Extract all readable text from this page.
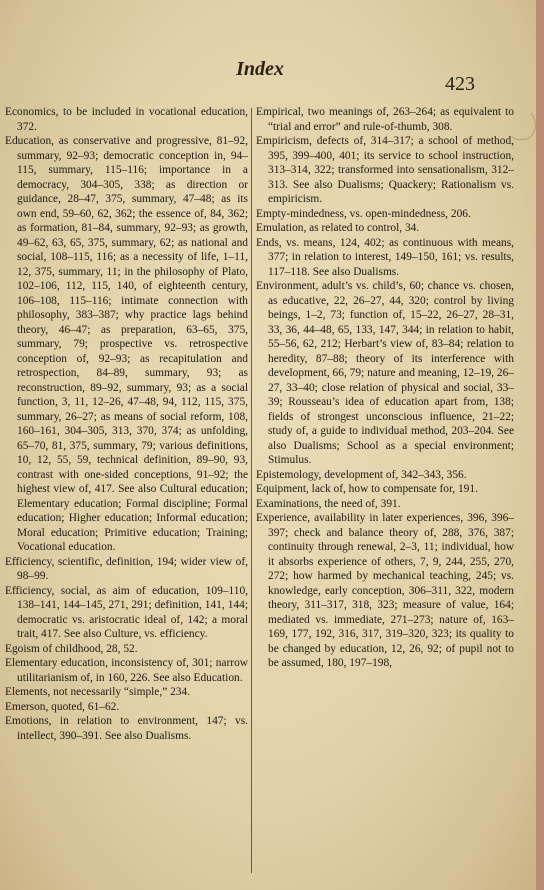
Index
423

Economics, to be included in vocational education, 372.

Education, as conservative and progressive, 81–92, summary, 92–93; democratic conception in, 94–115, summary, 115–116; importance in a democracy, 304–305, 338; as direction or guidance, 28–47, 375, summary, 47–48; as its own end, 59–60, 62, 362; the essence of, 84, 362; as formation, 81–84, summary, 92–93; as growth, 49–62, 63, 65, 375, summary, 62; as national and social, 108–115, 116; as a necessity of life, 1–11, 12, 375, summary, 11; in the philosophy of Plato, 102–106, 112, 115, 140, of eighteenth century, 106–108, 115–116; intimate connection with philosophy, 383–387; why practice lags behind theory, 46–47; as preparation, 63–65, 375, summary, 79; prospective vs. retrospective conception of, 92–93; as recapitulation and retrospection, 84–89, summary, 93; as reconstruction, 89–92, summary, 93; as a social function, 3, 11, 12–26, 47–48, 94, 112, 115, 375, summary, 26–27; as means of social reform, 108, 160–161, 304–305, 313, 370, 374; as unfolding, 65–70, 81, 375, summary, 79; various definitions, 10, 12, 55, 59, technical definition, 89–90, 93, contrast with one-sided conceptions, 91–92; the highest view of, 417. See also Cultural education; Elementary education; Formal discipline; Formal education; Higher education; Informal education; Moral education; Primitive education; Training; Vocational education.

Efficiency, scientific, definition, 194; wider view of, 98–99.

Efficiency, social, as aim of education, 109–110, 138–141, 144–145, 271, 291; definition, 141, 144; democratic vs. aristocratic ideal of, 142; a moral trait, 417. See also Culture, vs. efficiency.

Egoism of childhood, 28, 52.

Elementary education, inconsistency of, 301; narrow utilitarianism of, in 160, 226. See also Education.

Elements, not necessarily “simple,” 234.

Emerson, quoted, 61–62.

Emotions, in relation to environment, 147; vs. intellect, 390–391. See also Dualisms.

Empirical, two meanings of, 263–264; as equivalent to “trial and error” and rule-of-thumb, 308.

Empiricism, defects of, 314–317; a school of method, 395, 399–400, 401; its service to school instruction, 313–314, 322; transformed into sensationalism, 312–313. See also Dualisms; Quackery; Rationalism vs. empiricism.

Empty-mindedness, vs. open-mindedness, 206.

Emulation, as related to control, 34.

Ends, vs. means, 124, 402; as continuous with means, 377; in relation to interest, 149–150, 161; vs. results, 117–118. See also Dualisms.

Environment, adult’s vs. child’s, 60; chance vs. chosen, as educative, 22, 26–27, 44, 320; control by living beings, 1–2, 73; function of, 15–22, 26–27, 28–31, 33, 36, 44–48, 65, 133, 147, 344; in relation to habit, 55–56, 62, 212; Herbart’s view of, 83–84; relation to heredity, 87–88; theory of its interference with development, 66, 79; nature and meaning, 12–19, 26–27, 33–40; close relation of physical and social, 33–39; Rousseau’s idea of education apart from, 138; fields of strongest unconscious influence, 21–22; study of, a guide to individual method, 203–204. See also Dualisms; School as a special environment; Stimulus.

Epistemology, development of, 342–343, 356.

Equipment, lack of, how to compensate for, 191.

Examinations, the need of, 391.

Experience, availability in later experiences, 396, 396–397; check and balance theory of, 288, 376, 387; continuity through renewal, 2–3, 11; individual, how it absorbs experience of others, 7, 9, 244, 255, 270, 272; how harmed by mechanical teaching, 245; vs. knowledge, early conception, 306–311, 322, modern theory, 311–317, 318, 323; measure of value, 164; mediated vs. immediate, 271–273; nature of, 163–169, 177, 192, 316, 317, 319–320, 323; its quality to be changed by education, 12, 26, 92; of pupil not to be assumed, 180, 197–198,
